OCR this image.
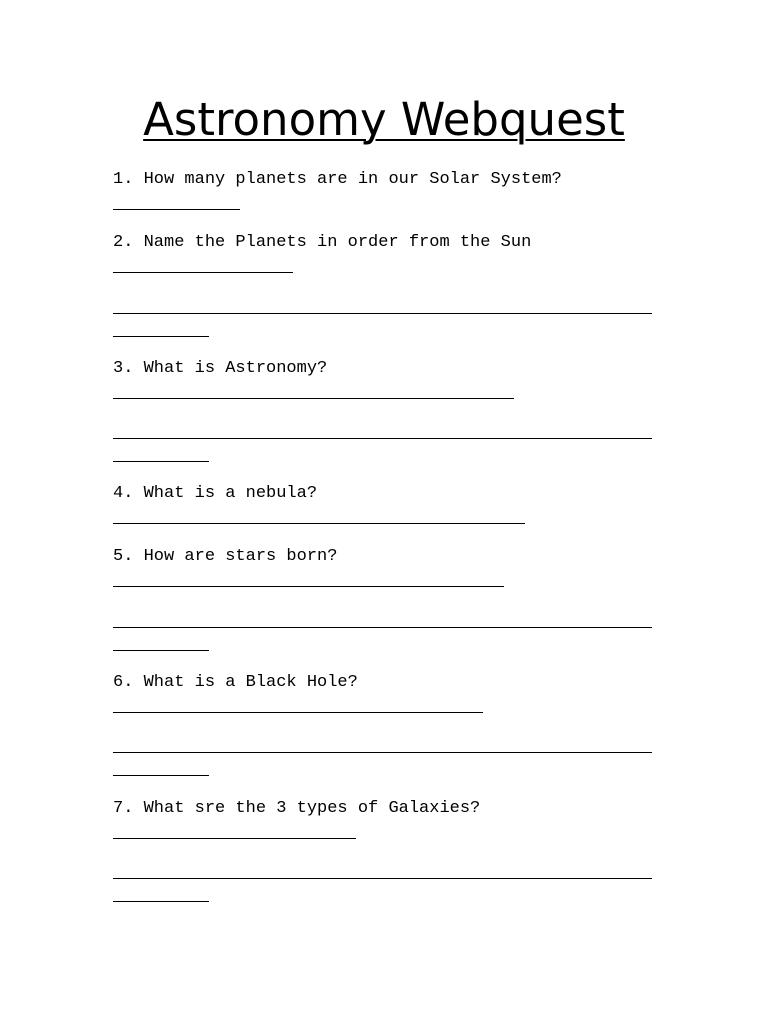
Astronomy Webquest
1. How many planets are in our Solar System?
2. Name the Planets in order from the Sun
3. What is Astronomy?
4. What is a nebula?
5. How are stars born?
6. What is a Black Hole?
7. What sre the 3 types of Galaxies?
